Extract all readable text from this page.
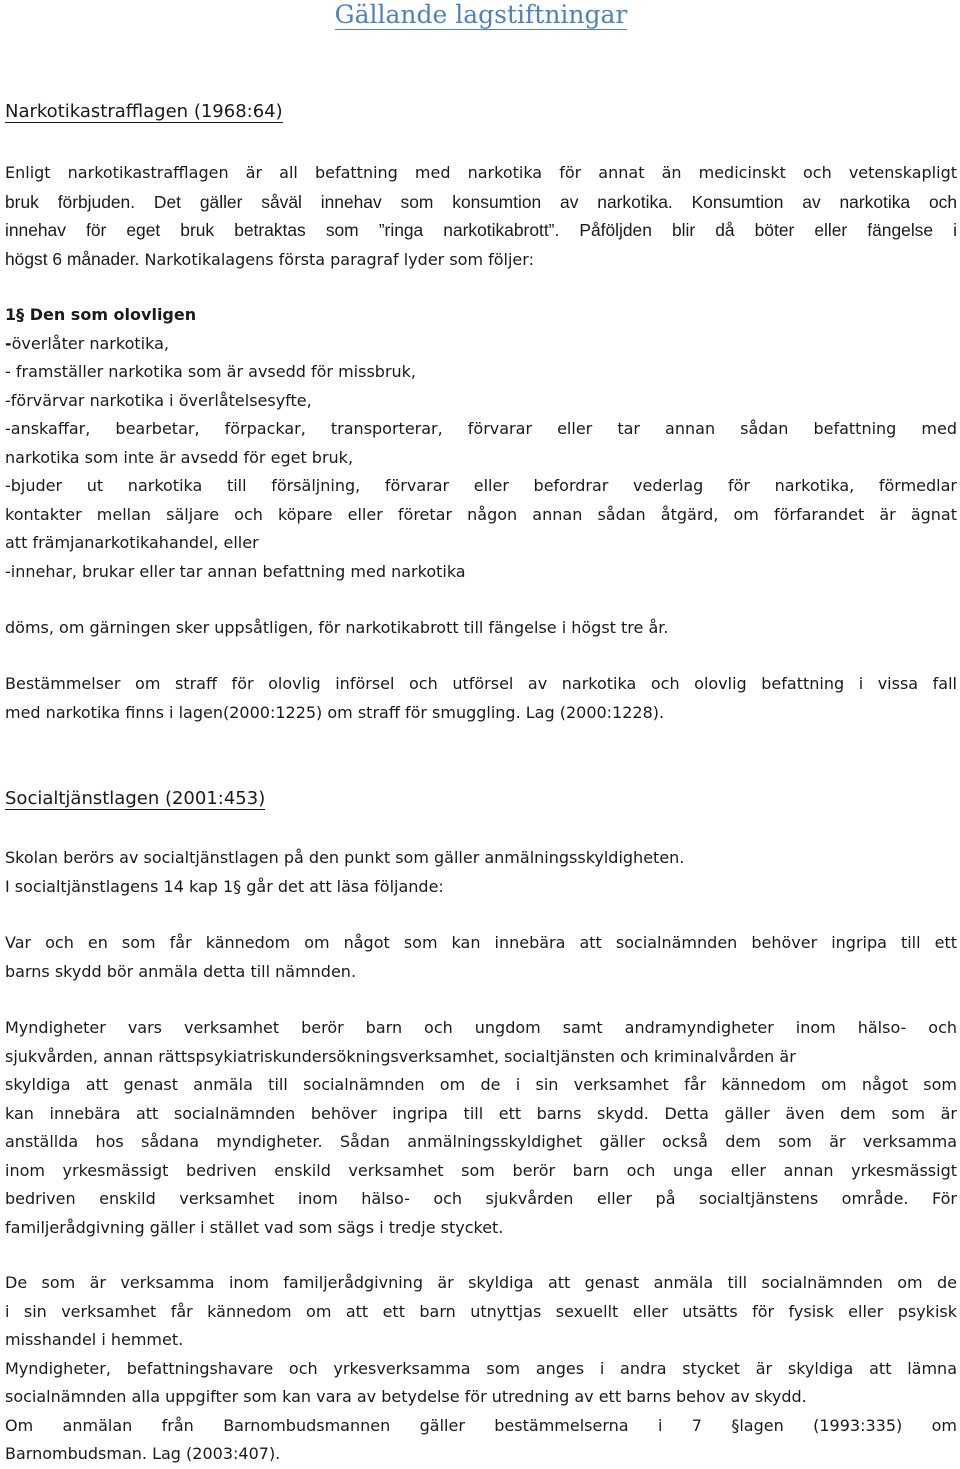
Gällande lagstiftningar
Narkotikastrafflagen (1968:64)
Enligt narkotikastrafflagen är all befattning med narkotika för annat än medicinskt och vetenskapligt
bruk förbjuden. Det gäller såväl innehav som konsumtion av narkotika. Konsumtion av narkotika och
innehav för eget bruk betraktas som ”ringa narkotikabrott”. Påföljden blir då böter eller fängelse i
högst 6 månader. Narkotikalagens första paragraf lyder som följer:
1§ Den som olovligen
-överlåter narkotika,
- framställer narkotika som är avsedd för missbruk,
-förvärvar narkotika i överlåtelsesyfte,
-anskaffar, bearbetar, förpackar, transporterar, förvarar eller tar annan sådan befattning med
narkotika som inte är avsedd för eget bruk,
-bjuder ut narkotika till försäljning, förvarar eller befordrar vederlag för narkotika, förmedlar
kontakter mellan säljare och köpare eller företar någon annan sådan åtgärd, om förfarandet är ägnat
att främjanarkotikahandel, eller
-innehar, brukar eller tar annan befattning med narkotika
döms, om gärningen sker uppsåtligen, för narkotikabrott till fängelse i högst tre år.
Bestämmelser om straff för olovlig införsel och utförsel av narkotika och olovlig befattning i vissa fall
med narkotika finns i lagen(2000:1225) om straff för smuggling. Lag (2000:1228).
Socialtjänstlagen (2001:453)
Skolan berörs av socialtjänstlagen på den punkt som gäller anmälningsskyldigheten.
I socialtjänstlagens 14 kap 1§ går det att läsa följande:
Var och en som får kännedom om något som kan innebära att socialnämnden behöver ingripa till ett
barns skydd bör anmäla detta till nämnden.
Myndigheter vars verksamhet berör barn och ungdom samt andramyndigheter inom hälso- och
sjukvården, annan rättspsykiatriskundersökningsverksamhet, socialtjänsten och kriminalvården är
skyldiga att genast anmäla till socialnämnden om de i sin verksamhet får kännedom om något som
kan innebära att socialnämnden behöver ingripa till ett barns skydd. Detta gäller även dem som är
anställda hos sådana myndigheter. Sådan anmälningsskyldighet gäller också dem som är verksamma
inom yrkesmässigt bedriven enskild verksamhet som berör barn och unga eller annan yrkesmässigt
bedriven enskild verksamhet inom hälso- och sjukvården eller på socialtjänstens område. För
familjerådgivning gäller i stället vad som sägs i tredje stycket.
De som är verksamma inom familjerådgivning är skyldiga att genast anmäla till socialnämnden om de
i sin verksamhet får kännedom om att ett barn utnyttjas sexuellt eller utsätts för fysisk eller psykisk
misshandel i hemmet.
Myndigheter, befattningshavare och yrkesverksamma som anges i andra stycket är skyldiga att lämna
socialnämnden alla uppgifter som kan vara av betydelse för utredning av ett barns behov av skydd.
Om anmälan från Barnombudsmannen gäller bestämmelserna i 7 §lagen (1993:335) om
Barnombudsman. Lag (2003:407).
